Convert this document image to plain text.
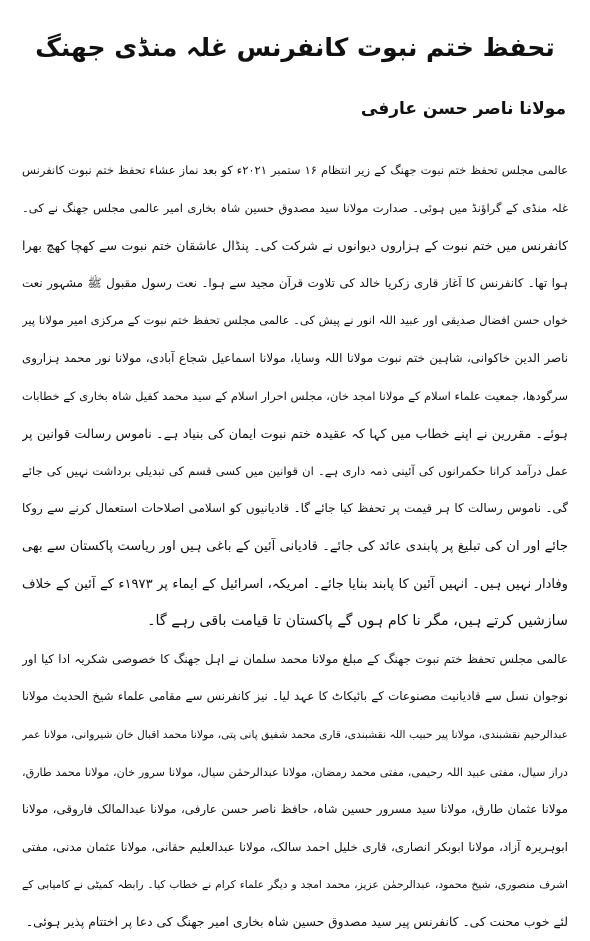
تحفظ ختم نبوت کانفرنس غلہ منڈی جھنگ
مولانا ناصر حسن عارفی
عالمی مجلس تحفظ ختم نبوت جھنگ کے زیر انتظام ۱۶ ستمبر ۲۰۲۱ء کو بعد نماز عشاء تحفظ ختم نبوت کانفرنس
غلہ منڈی کے گراؤنڈ میں ہوئی۔ صدارت مولانا سید مصدوق حسین شاہ بخاری امیر عالمی مجلس جھنگ نے کی۔
کانفرنس میں ختم نبوت کے ہزاروں دیوانوں نے شرکت کی۔ پنڈال عاشقان ختم نبوت سے کھچا کھچ بھرا
ہوا تھا۔ کانفرنس کا آغاز قاری زکریا خالد کی تلاوت قرآن مجید سے ہوا۔ نعت رسول مقبول ﷺ مشہور نعت
خواں حسن افضال صدیقی اور عبید اللہ انور نے پیش کی۔ عالمی مجلس تحفظ ختم نبوت کے مرکزی امیر مولانا پیر
ناصر الدین خاکوانی، شاہین ختم نبوت مولانا اللہ وسایا، مولانا اسماعیل شجاع آبادی، مولانا نور محمد ہزاروی
سرگودھا، جمعیت علماء اسلام کے مولانا امجد خان، مجلس احرار اسلام کے سید محمد کفیل شاہ بخاری کے خطابات
ہوئے۔ مقررین نے اپنے خطاب میں کہا کہ عقیدہ ختم نبوت ایمان کی بنیاد ہے۔ ناموس رسالت قوانین پر
عمل درآمد کرانا حکمرانوں کی آئینی ذمہ داری ہے۔ ان قوانین میں کسی قسم کی تبدیلی برداشت نہیں کی جائے
گی۔ ناموس رسالت کا ہر قیمت پر تحفظ کیا جائے گا۔ قادیانیوں کو اسلامی اصلاحات استعمال کرنے سے روکا
جائے اور ان کی تبلیغ پر پابندی عائد کی جائے۔ قادیانی آئین کے باغی ہیں اور ریاست پاکستان سے بھی
وفادار نہیں ہیں۔ انہیں آئین کا پابند بنایا جائے۔ امریکہ، اسرائیل کے ایماء پر ۱۹۷۳ء کے آئین کے خلاف
سازشیں کرتے ہیں، مگر نا کام ہوں گے پاکستان تا قیامت باقی رہے گا۔
عالمی مجلس تحفظ ختم نبوت جھنگ کے مبلغ مولانا محمد سلمان نے اہل جھنگ کا خصوصی شکریہ ادا کیا اور
نوجوان نسل سے قادیانیت مصنوعات کے بائیکاٹ کا عہد لیا۔ نیز کانفرنس سے مقامی علماء شیخ الحدیث مولانا
عبدالرحیم نقشبندی، مولانا پیر حبیب اللہ نقشبندی، قاری محمد شفیق پانی پتی، مولانا محمد اقبال خان شیروانی، مولانا عمر
دراز سیال، مفتی عبید اللہ رحیمی، مفتی محمد رمضان، مولانا عبدالرحمٰن سیال، مولانا سرور خان، مولانا محمد طارق،
مولانا عثمان طارق، مولانا سید مسرور حسین شاہ، حافظ ناصر حسن عارفی، مولانا عبدالمالک فاروقی، مولانا
ابوہریرہ آزاد، مولانا ابوبکر انصاری، قاری خلیل احمد سالک، مولانا عبدالعلیم حقانی، مولانا عثمان مدنی، مفتی
اشرف منصوری، شیخ محمود، عبدالرحمٰن عزیز، محمد امجد و دیگر علماء کرام نے خطاب کیا۔ رابطہ کمیٹی نے کامیابی کے
لئے خوب محنت کی۔ کانفرنس پیر سید مصدوق حسین شاہ بخاری امیر جھنگ کی دعا پر اختتام پذیر ہوئی۔
